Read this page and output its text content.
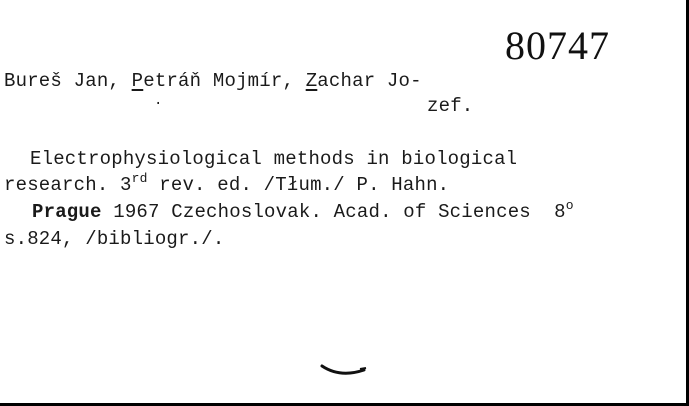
80747
Bureš Jan, Petráň Mojmír, Zachar Jo-
·	zef.
Electrophysiological methods in biological
research. 3rd rev. ed. /Tłum./ P. Hahn.
Prague 1967 Czechoslovak. Acad. of Sciences  8$^o$
s.824, /bibliogr./.
